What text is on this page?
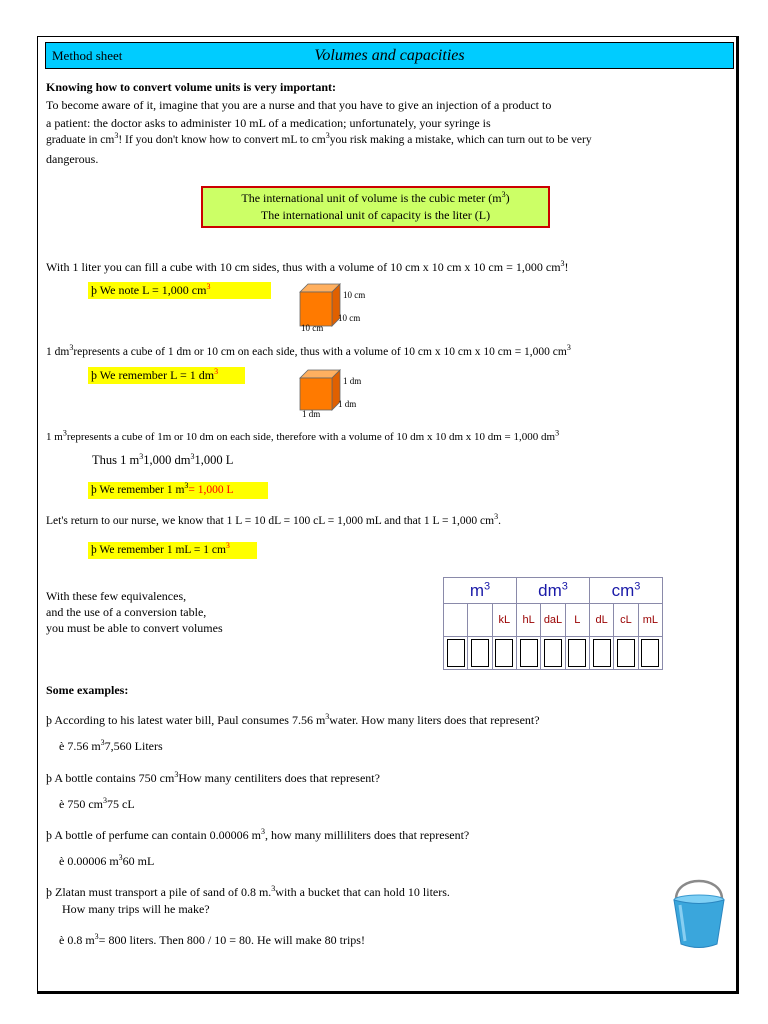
Method sheet	Volumes and capacities
Knowing how to convert volume units is very important:
To become aware of it, imagine that you are a nurse and that you have to give an injection of a product to
a patient: the doctor asks to administer 10 mL of a medication; unfortunately, your syringe is
graduate in $cm^3$! If you don't know how to convert mL to $cm^3you$ risk making a mistake, which can turn out to be very
dangerous.
The international unit of volume is the cubic meter $(m^3)$
The international unit of capacity is the liter (L)
With 1 liter you can fill a cube with 10 cm sides, thus with a volume of 10 cm x 10 cm x 10 cm = 1,000 $cm^3$!
þ We note L = 1,000 $cm^3$
10 cm
10 cm
10 cm
1 $dm^3represents$ a cube of 1 dm or 10 cm on each side, thus with a volume of 10 cm x 10 cm x 10 cm = 1,000 $cm^3$
þ We remember L = 1 $dm^3$
1 dm
1 dm
1 dm
1 $m^3represents$ a cube of 1m or 10 dm on each side, therefore with a volume of 10 dm x 10 dm x 10 dm = 1,000 $dm^3$
Thus 1 $m^31,000$ $dm^31,000$ L
þ We remember 1 $m^3= 1,000$ L
Let's return to our nurse, we know that 1 L = 10 dL = 100 cL = 1,000 mL and that 1 L = 1,000 $cm^3$.
þ We remember 1 mL = 1 $cm^3$
With these few equivalences,
and the use of a conversion table,
you must be able to convert volumes
$m^3$			$dm^3$			$cm^3$
		kL	hL	daL	L	dL	cL	mL

Some examples:
þ According to his latest water bill, Paul consumes 7.56 $m^3water$. How many liters does that represent?
è 7.56 $m^37,560$ Liters
þ A bottle contains 750 $cm^3How$ many centiliters does that represent?
è 750 $cm^375$ cL
þ A bottle of perfume can contain 0.00006 $m^3$, how many milliliters does that represent?
è 0.00006 $m^360$ mL
þ Zlatan must transport a pile of sand of 0.8 m.$^3$with a bucket that can hold 10 liters.
How many trips will he make?
è 0.8 $m^3= 800$ liters. Then 800 / 10 = 80. He will make 80 trips!
